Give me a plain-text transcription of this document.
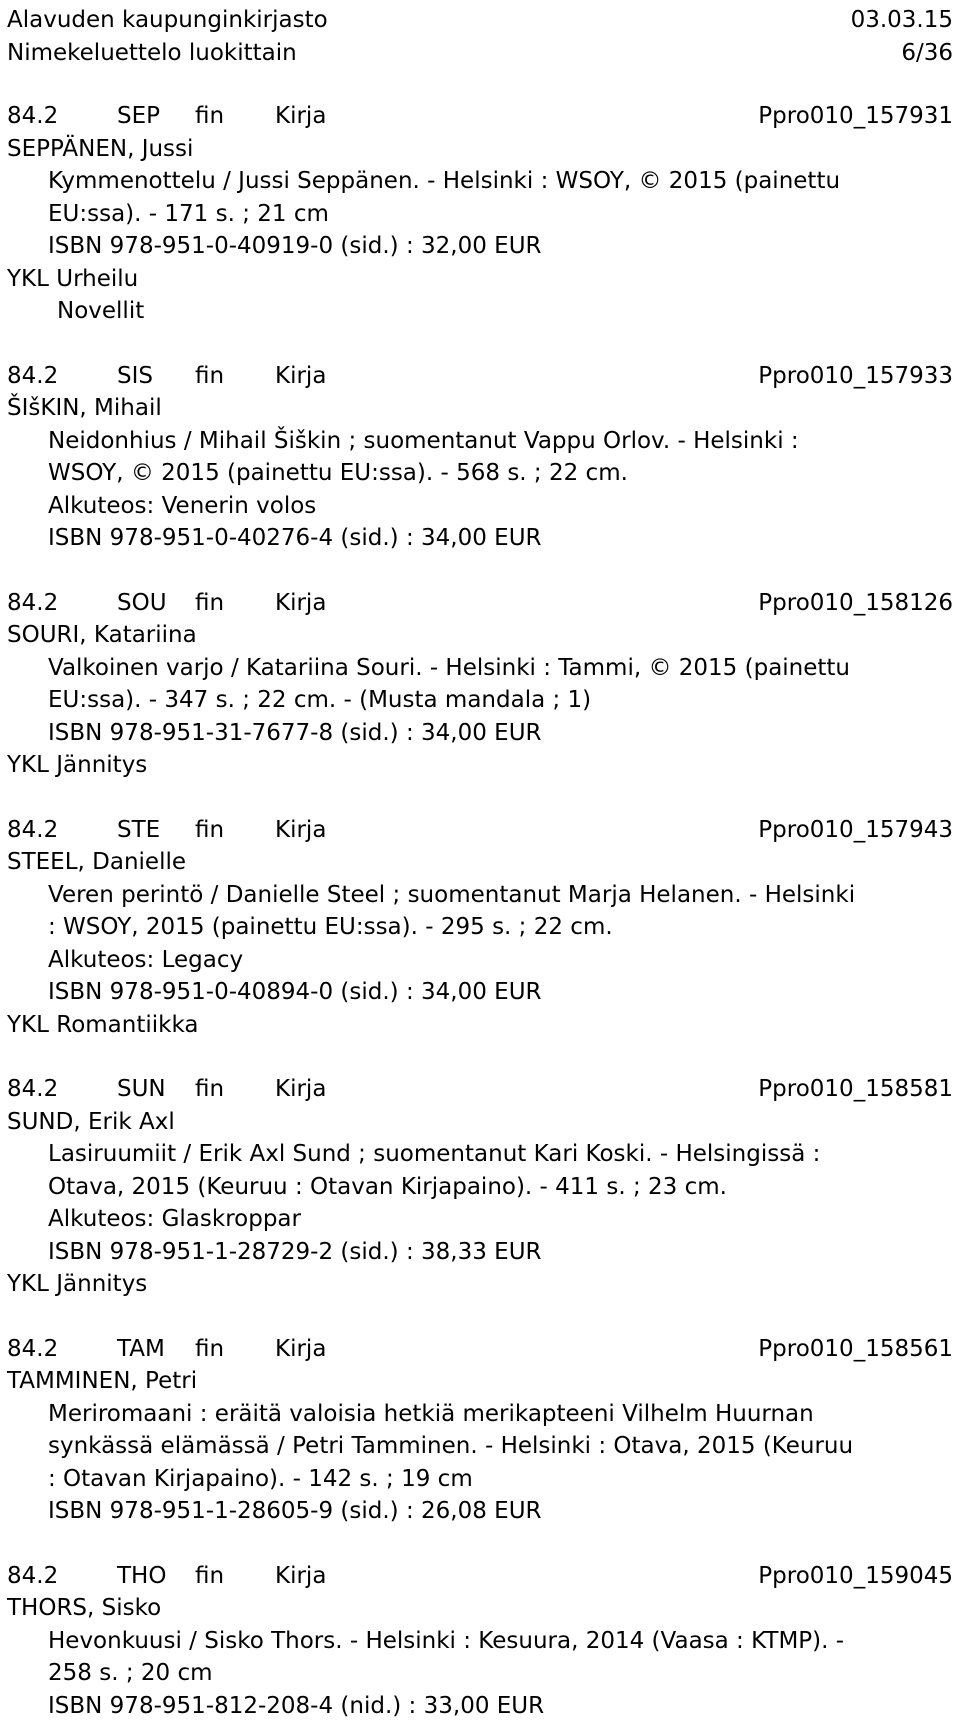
Alavuden kaupunginkirjasto	03.03.15
Nimekeluettelo luokittain	6/36
84.2	SEP fin Kirja	Ppro010_157931
SEPPÄNEN, Jussi
Kymmenottelu / Jussi Seppänen. - Helsinki : WSOY, © 2015 (painettu
EU:ssa). - 171 s. ; 21 cm
ISBN 978-951-0-40919-0 (sid.) : 32,00 EUR
YKL Urheilu
Novellit
84.2	SIS fin Kirja	Ppro010_157933
ŠIšKIN, Mihail
Neidonhius / Mihail Šiškin ; suomentanut Vappu Orlov. - Helsinki :
WSOY, © 2015 (painettu EU:ssa). - 568 s. ; 22 cm.
Alkuteos: Venerin volos
ISBN 978-951-0-40276-4 (sid.) : 34,00 EUR
84.2	SOU fin Kirja	Ppro010_158126
SOURI, Katariina
Valkoinen varjo / Katariina Souri. - Helsinki : Tammi, © 2015 (painettu
EU:ssa). - 347 s. ; 22 cm. - (Musta mandala ; 1)
ISBN 978-951-31-7677-8 (sid.) : 34,00 EUR
YKL Jännitys
84.2	STE fin Kirja	Ppro010_157943
STEEL, Danielle
Veren perintö / Danielle Steel ; suomentanut Marja Helanen. - Helsinki
: WSOY, 2015 (painettu EU:ssa). - 295 s. ; 22 cm.
Alkuteos: Legacy
ISBN 978-951-0-40894-0 (sid.) : 34,00 EUR
YKL Romantiikka
84.2	SUN fin Kirja	Ppro010_158581
SUND, Erik Axl
Lasiruumiit / Erik Axl Sund ; suomentanut Kari Koski. - Helsingissä :
Otava, 2015 (Keuruu : Otavan Kirjapaino). - 411 s. ; 23 cm.
Alkuteos: Glaskroppar
ISBN 978-951-1-28729-2 (sid.) : 38,33 EUR
YKL Jännitys
84.2	TAM fin Kirja	Ppro010_158561
TAMMINEN, Petri
Meriromaani : eräitä valoisia hetkiä merikapteeni Vilhelm Huurnan
synkässä elämässä / Petri Tamminen. - Helsinki : Otava, 2015 (Keuruu
: Otavan Kirjapaino). - 142 s. ; 19 cm
ISBN 978-951-1-28605-9 (sid.) : 26,08 EUR
84.2	THO fin Kirja	Ppro010_159045
THORS, Sisko
Hevonkuusi / Sisko Thors. - Helsinki : Kesuura, 2014 (Vaasa : KTMP). -
258 s. ; 20 cm
ISBN 978-951-812-208-4 (nid.) : 33,00 EUR
